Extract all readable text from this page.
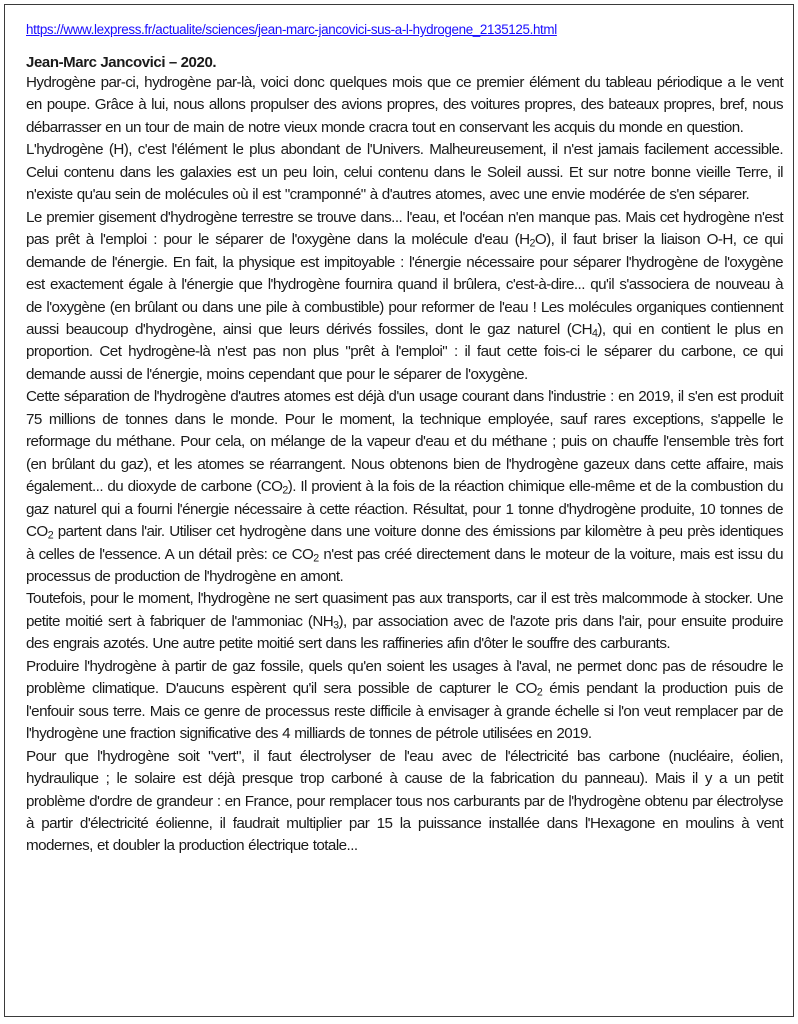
https://www.lexpress.fr/actualite/sciences/jean-marc-jancovici-sus-a-l-hydrogene_2135125.html

Jean-Marc Jancovici – 2020.

Hydrogène par-ci, hydrogène par-là, voici donc quelques mois que ce premier élément du tableau périodique a le vent en poupe. Grâce à lui, nous allons propulser des avions propres, des voitures propres, des bateaux propres, bref, nous débarrasser en un tour de main de notre vieux monde cracra tout en conservant les acquis du monde en question.

L'hydrogène (H), c'est l'élément le plus abondant de l'Univers. Malheureusement, il n'est jamais facilement accessible. Celui contenu dans les galaxies est un peu loin, celui contenu dans le Soleil aussi. Et sur notre bonne vieille Terre, il n'existe qu'au sein de molécules où il est "cramponné" à d'autres atomes, avec une envie modérée de s'en séparer.

Le premier gisement d'hydrogène terrestre se trouve dans... l'eau, et l'océan n'en manque pas. Mais cet hydrogène n'est pas prêt à l'emploi : pour le séparer de l'oxygène dans la molécule d'eau $(H_2O)$, il faut briser la liaison O-H, ce qui demande de l'énergie. En fait, la physique est impitoyable : l'énergie nécessaire pour séparer l'hydrogène de l'oxygène est exactement égale à l'énergie que l'hydrogène fournira quand il brûlera, c'est-à-dire... qu'il s'associera de nouveau à de l'oxygène (en brûlant ou dans une pile à combustible) pour reformer de l'eau ! Les molécules organiques contiennent aussi beaucoup d'hydrogène, ainsi que leurs dérivés fossiles, dont le gaz naturel $(CH_4)$, qui en contient le plus en proportion. Cet hydrogène-là n'est pas non plus "prêt à l'emploi" : il faut cette fois-ci le séparer du carbone, ce qui demande aussi de l'énergie, moins cependant que pour le séparer de l'oxygène.

Cette séparation de l'hydrogène d'autres atomes est déjà d'un usage courant dans l'industrie : en 2019, il s'en est produit 75 millions de tonnes dans le monde. Pour le moment, la technique employée, sauf rares exceptions, s'appelle le reformage du méthane. Pour cela, on mélange de la vapeur d'eau et du méthane ; puis on chauffe l'ensemble très fort (en brûlant du gaz), et les atomes se réarrangent. Nous obtenons bien de l'hydrogène gazeux dans cette affaire, mais également... du dioxyde de carbone $(CO_2)$. Il provient à la fois de la réaction chimique elle-même et de la combustion du gaz naturel qui a fourni l'énergie nécessaire à cette réaction. Résultat, pour 1 tonne d'hydrogène produite, 10 tonnes de $CO_2$ partent dans l'air. Utiliser cet hydrogène dans une voiture donne des émissions par kilomètre à peu près identiques à celles de l'essence. A un détail près: ce $CO_2$ n'est pas créé directement dans le moteur de la voiture, mais est issu du processus de production de l'hydrogène en amont.

Toutefois, pour le moment, l'hydrogène ne sert quasiment pas aux transports, car il est très malcommode à stocker. Une petite moitié sert à fabriquer de l'ammoniac $(NH_3)$, par association avec de l'azote pris dans l'air, pour ensuite produire des engrais azotés. Une autre petite moitié sert dans les raffineries afin d'ôter le souffre des carburants.

Produire l'hydrogène à partir de gaz fossile, quels qu'en soient les usages à l'aval, ne permet donc pas de résoudre le problème climatique. D'aucuns espèrent qu'il sera possible de capturer le $CO_2$ émis pendant la production puis de l'enfouir sous terre. Mais ce genre de processus reste difficile à envisager à grande échelle si l'on veut remplacer par de l'hydrogène une fraction significative des 4 milliards de tonnes de pétrole utilisées en 2019.

Pour que l'hydrogène soit "vert", il faut électrolyser de l'eau avec de l'électricité bas carbone (nucléaire, éolien, hydraulique ; le solaire est déjà presque trop carboné à cause de la fabrication du panneau). Mais il y a un petit problème d'ordre de grandeur : en France, pour remplacer tous nos carburants par de l'hydrogène obtenu par électrolyse à partir d'électricité éolienne, il faudrait multiplier par 15 la puissance installée dans l'Hexagone en moulins à vent modernes, et doubler la production électrique totale...
